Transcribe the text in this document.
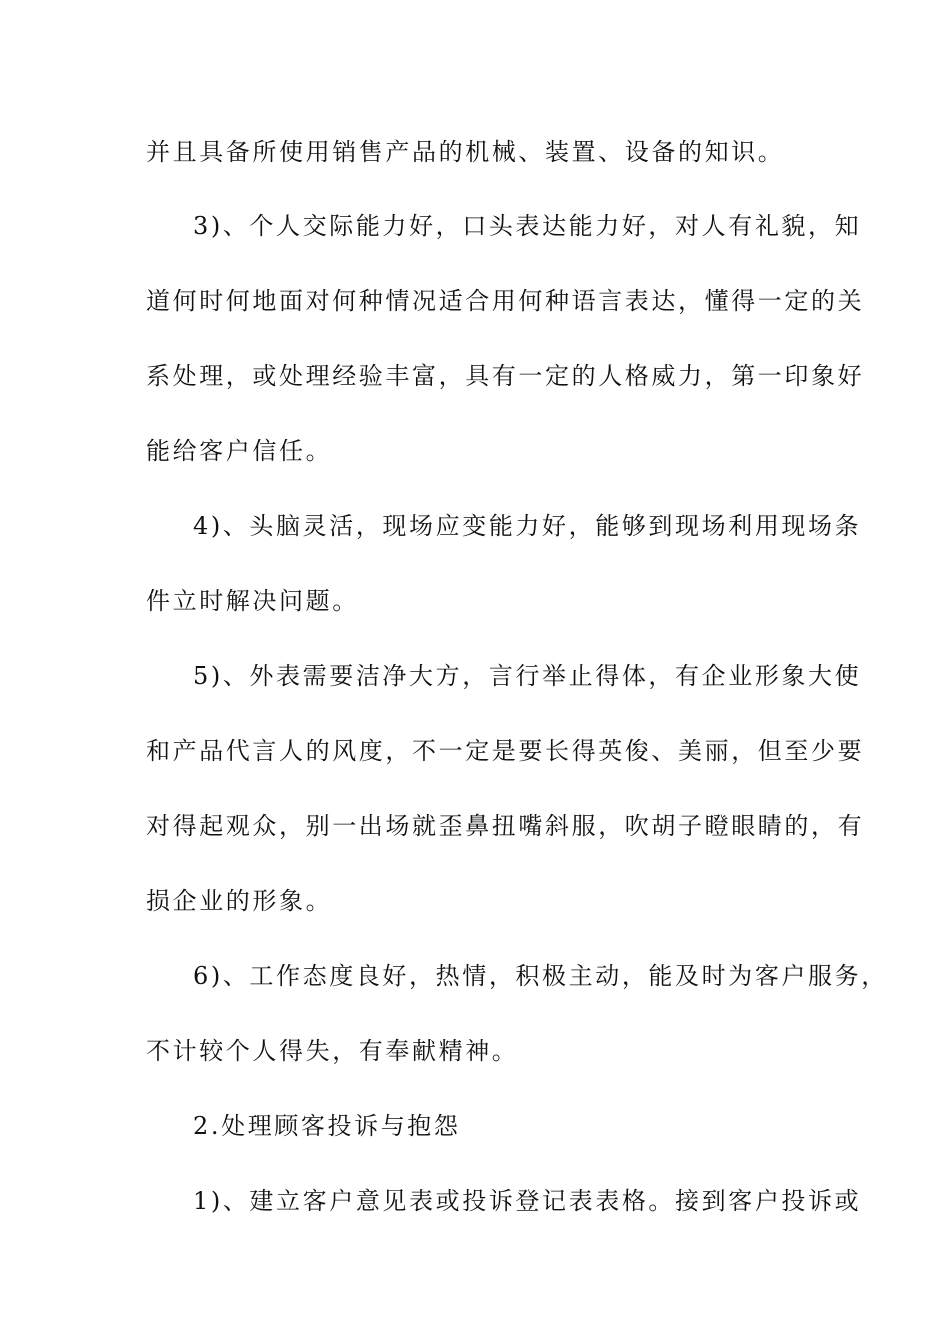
并且具备所使用销售产品的机械、装置、设备的知识。
3)、个人交际能力好，口头表达能力好，对人有礼貌，知
道何时何地面对何种情况适合用何种语言表达，懂得一定的关
系处理，或处理经验丰富，具有一定的人格威力，第一印象好
能给客户信任。
4)、头脑灵活，现场应变能力好，能够到现场利用现场条
件立时解决问题。
5)、外表需要洁净大方，言行举止得体，有企业形象大使
和产品代言人的风度，不一定是要长得英俊、美丽，但至少要
对得起观众，别一出场就歪鼻扭嘴斜服，吹胡子瞪眼睛的，有
损企业的形象。
6)、工作态度良好，热情，积极主动，能及时为客户服务，
不计较个人得失，有奉献精神。
2.处理顾客投诉与抱怨
1)、建立客户意见表或投诉登记表表格。接到客户投诉或
